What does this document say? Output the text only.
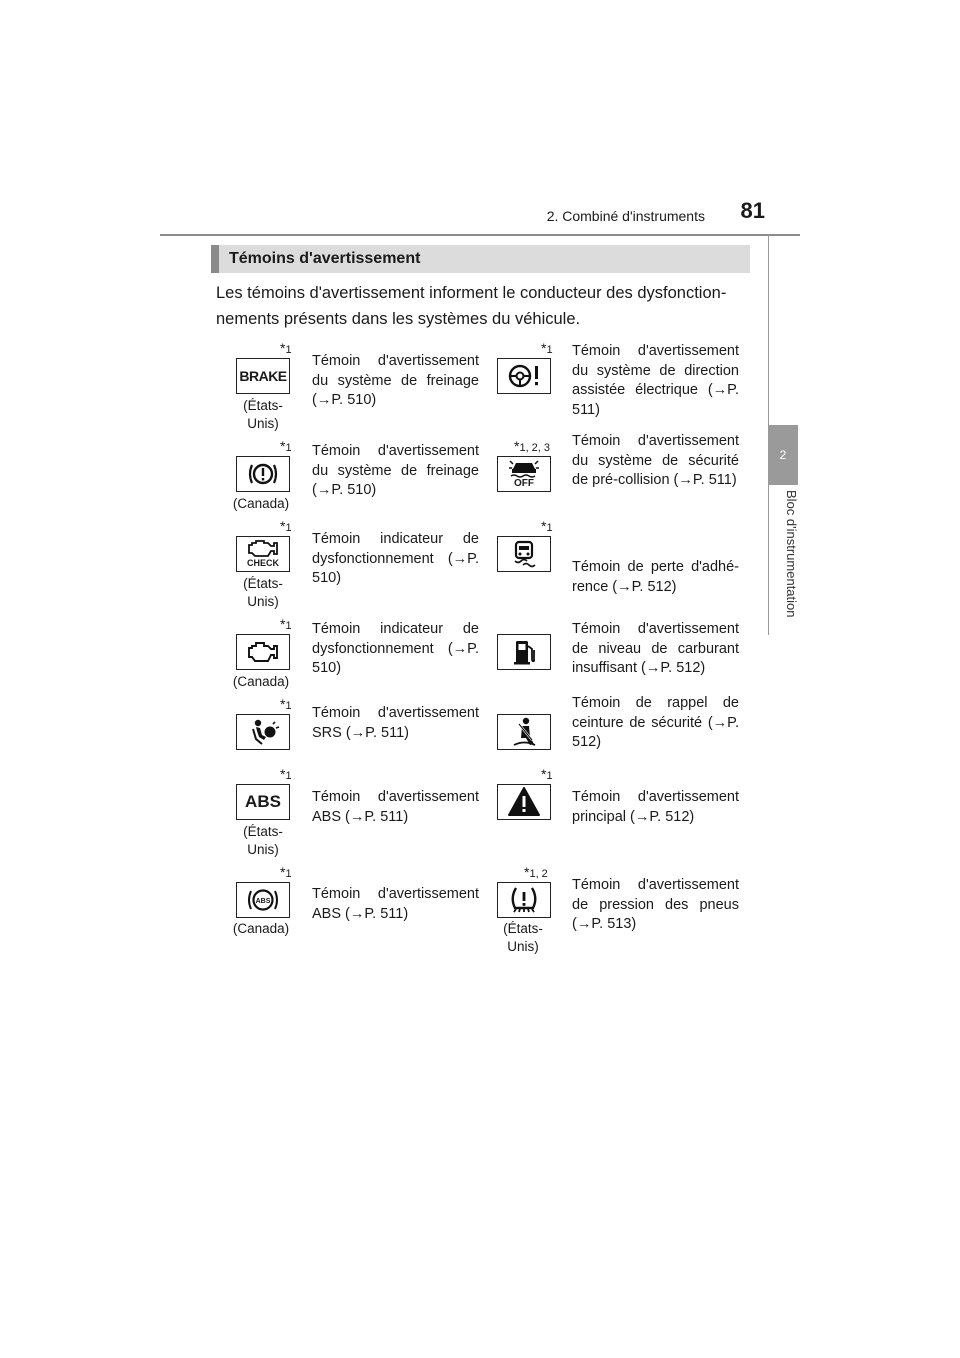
2. Combiné d'instruments	81
2
Bloc d'instrumentation
Témoins d'avertissement
Les témoins d'avertissement informent le conducteur des dysfonction-nements présents dans les systèmes du véhicule.
*1
BRAKE
(États-Unis)
Témoin d'avertissement du système de freinage (→P. 510)
*1
(Canada)
Témoin d'avertissement du système de freinage (→P. 510)
*1
CHECK
(États-Unis)
Témoin indicateur de dysfonctionnement (→P. 510)
*1
(Canada)
Témoin indicateur de dysfonctionnement (→P. 510)
*1 Témoin d'avertissement SRS (→P. 511)
*1
ABS
(États-Unis)
Témoin d'avertissement ABS (→P. 511)
*1
ABS
(Canada)
Témoin d'avertissement ABS (→P. 511)
*1 Témoin d'avertissement du système de direction assistée électrique (→P. 511)
*1, 2, 3
OFF
Témoin d'avertissement du système de sécurité de pré-collision (→P. 511)
*1
Témoin de perte d'adhé-rence (→P. 512)
Témoin d'avertissement de niveau de carburant insuffisant (→P. 512)
Témoin de rappel de ceinture de sécurité (→P. 512)
*1
Témoin d'avertissement principal (→P. 512)
*1, 2
(États-Unis)
Témoin d'avertissement de pression des pneus (→P. 513)
